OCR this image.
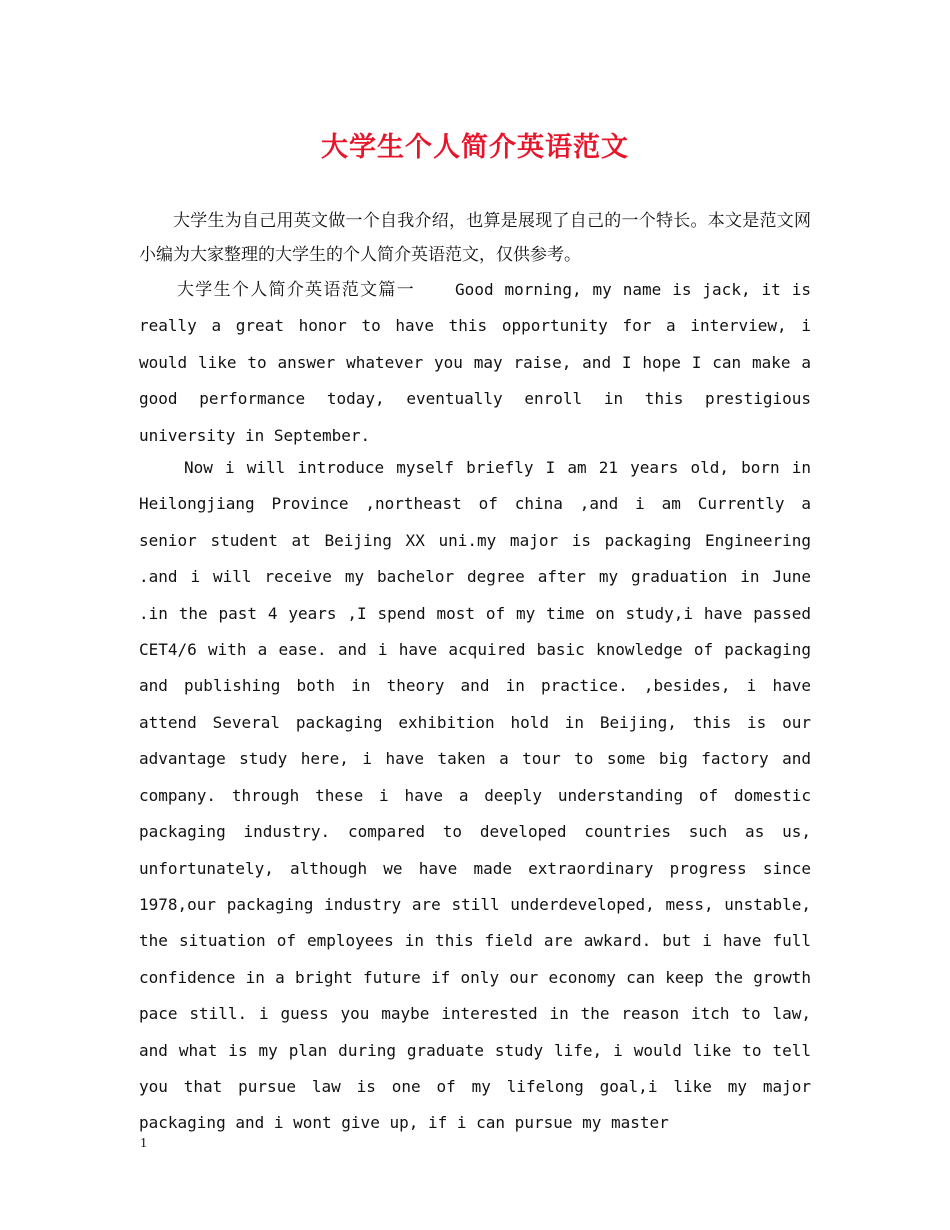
大学生个人简介英语范文

大学生为自己用英文做一个自我介绍，也算是展现了自己的一个特长。本文是范文网小编为大家整理的大学生的个人简介英语范文，仅供参考。

大学生个人简介英语范文篇一	Good morning, my name is jack, it is really a great honor to have this opportunity for a interview, i would like to answer whatever you may raise, and I hope I can make a good performance today, eventually enroll in this prestigious university in September.

Now i will introduce myself briefly I am 21 years old, born in Heilongjiang Province ,northeast of china ,and i am Currently a senior student at Beijing XX uni.my major is packaging Engineering .and i will receive my bachelor degree after my graduation in June .in the past 4 years ,I spend most of my time on study,i have passed CET4/6 with a ease. and i have acquired basic knowledge of packaging and publishing both in theory and in practice. ,besides, i have attend Several packaging exhibition hold in Beijing, this is our advantage study here, i have taken a tour to some big factory and company. through these i have a deeply understanding of domestic packaging industry. compared to developed countries such as us, unfortunately, although we have made extraordinary progress since 1978,our packaging industry are still underdeveloped, mess, unstable, the situation of employees in this field are awkard. but i have full confidence in a bright future if only our economy can keep the growth pace still. i guess you maybe interested in the reason itch to law, and what is my plan during graduate study life, i would like to tell you that pursue law is one of my lifelong goal,i like my major packaging and i wont give up, if i can pursue my master

1
